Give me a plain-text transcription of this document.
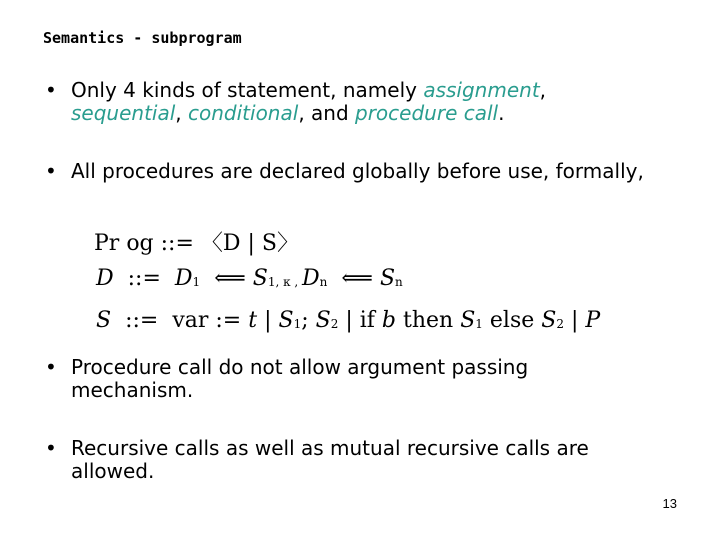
Semantics - subprogram
• Only 4 kinds of statement, namely assignment,
sequential, conditional, and procedure call.
• All procedures are declared globally before use, formally,
Pr og ::= 〈D | S〉
D ::= D1 ⟸ S1, к , Dn ⟸ Sn
S ::= var := t | S1; S2 | if b then S1 else S2 | P
• Procedure call do not allow argument passing mechanism.
• Recursive calls as well as mutual recursive calls are allowed.
13
